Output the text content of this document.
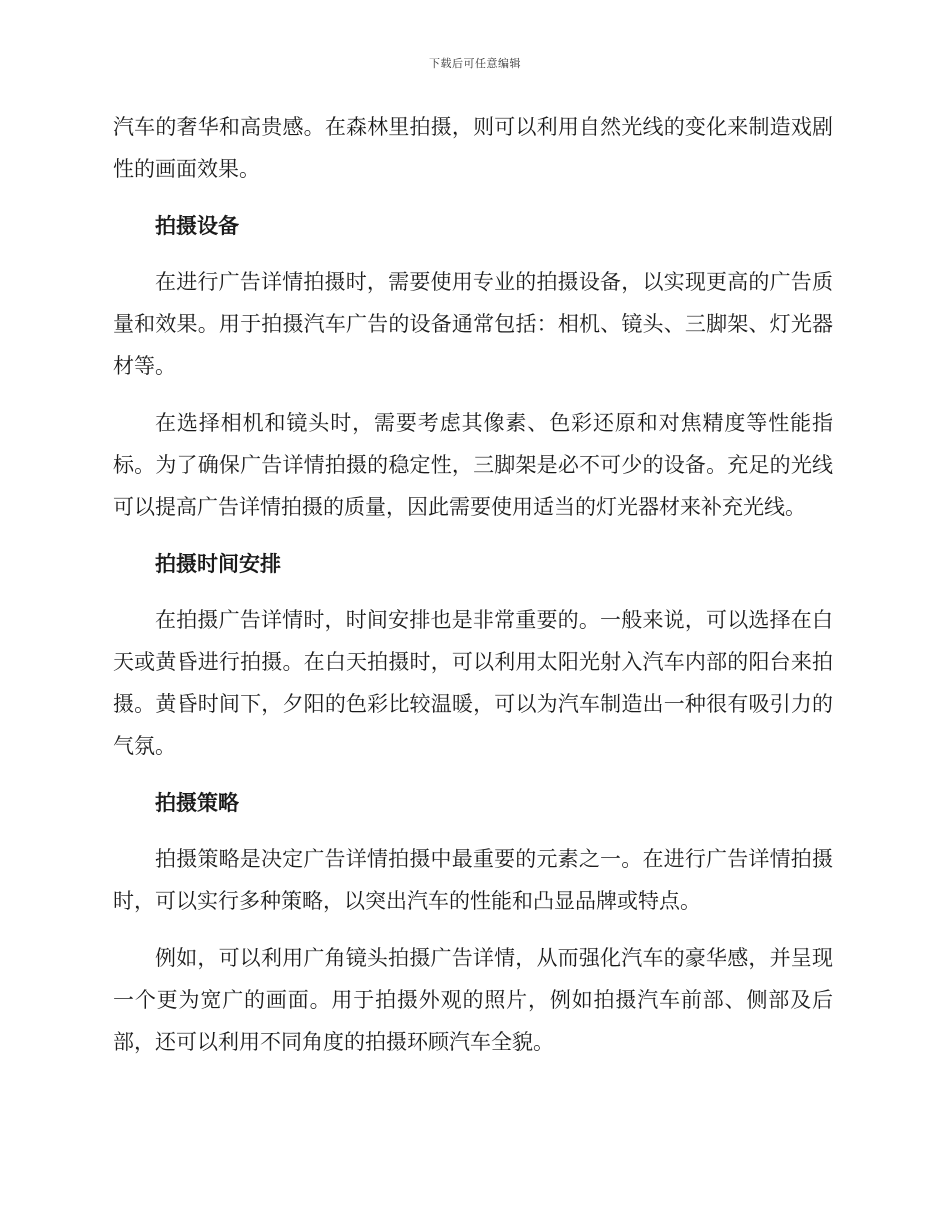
下载后可任意编辑

汽车的奢华和高贵感。在森林里拍摄，则可以利用自然光线的变化来制造戏剧性的画面效果。

拍摄设备

在进行广告详情拍摄时，需要使用专业的拍摄设备，以实现更高的广告质量和效果。用于拍摄汽车广告的设备通常包括：相机、镜头、三脚架、灯光器材等。

在选择相机和镜头时，需要考虑其像素、色彩还原和对焦精度等性能指标。为了确保广告详情拍摄的稳定性，三脚架是必不可少的设备。充足的光线可以提高广告详情拍摄的质量，因此需要使用适当的灯光器材来补充光线。

拍摄时间安排

在拍摄广告详情时，时间安排也是非常重要的。一般来说，可以选择在白天或黄昏进行拍摄。在白天拍摄时，可以利用太阳光射入汽车内部的阳台来拍摄。黄昏时间下，夕阳的色彩比较温暖，可以为汽车制造出一种很有吸引力的气氛。

拍摄策略

拍摄策略是决定广告详情拍摄中最重要的元素之一。在进行广告详情拍摄时，可以实行多种策略，以突出汽车的性能和凸显品牌或特点。

例如，可以利用广角镜头拍摄广告详情，从而强化汽车的豪华感，并呈现一个更为宽广的画面。用于拍摄外观的照片，例如拍摄汽车前部、侧部及后部，还可以利用不同角度的拍摄环顾汽车全貌。
